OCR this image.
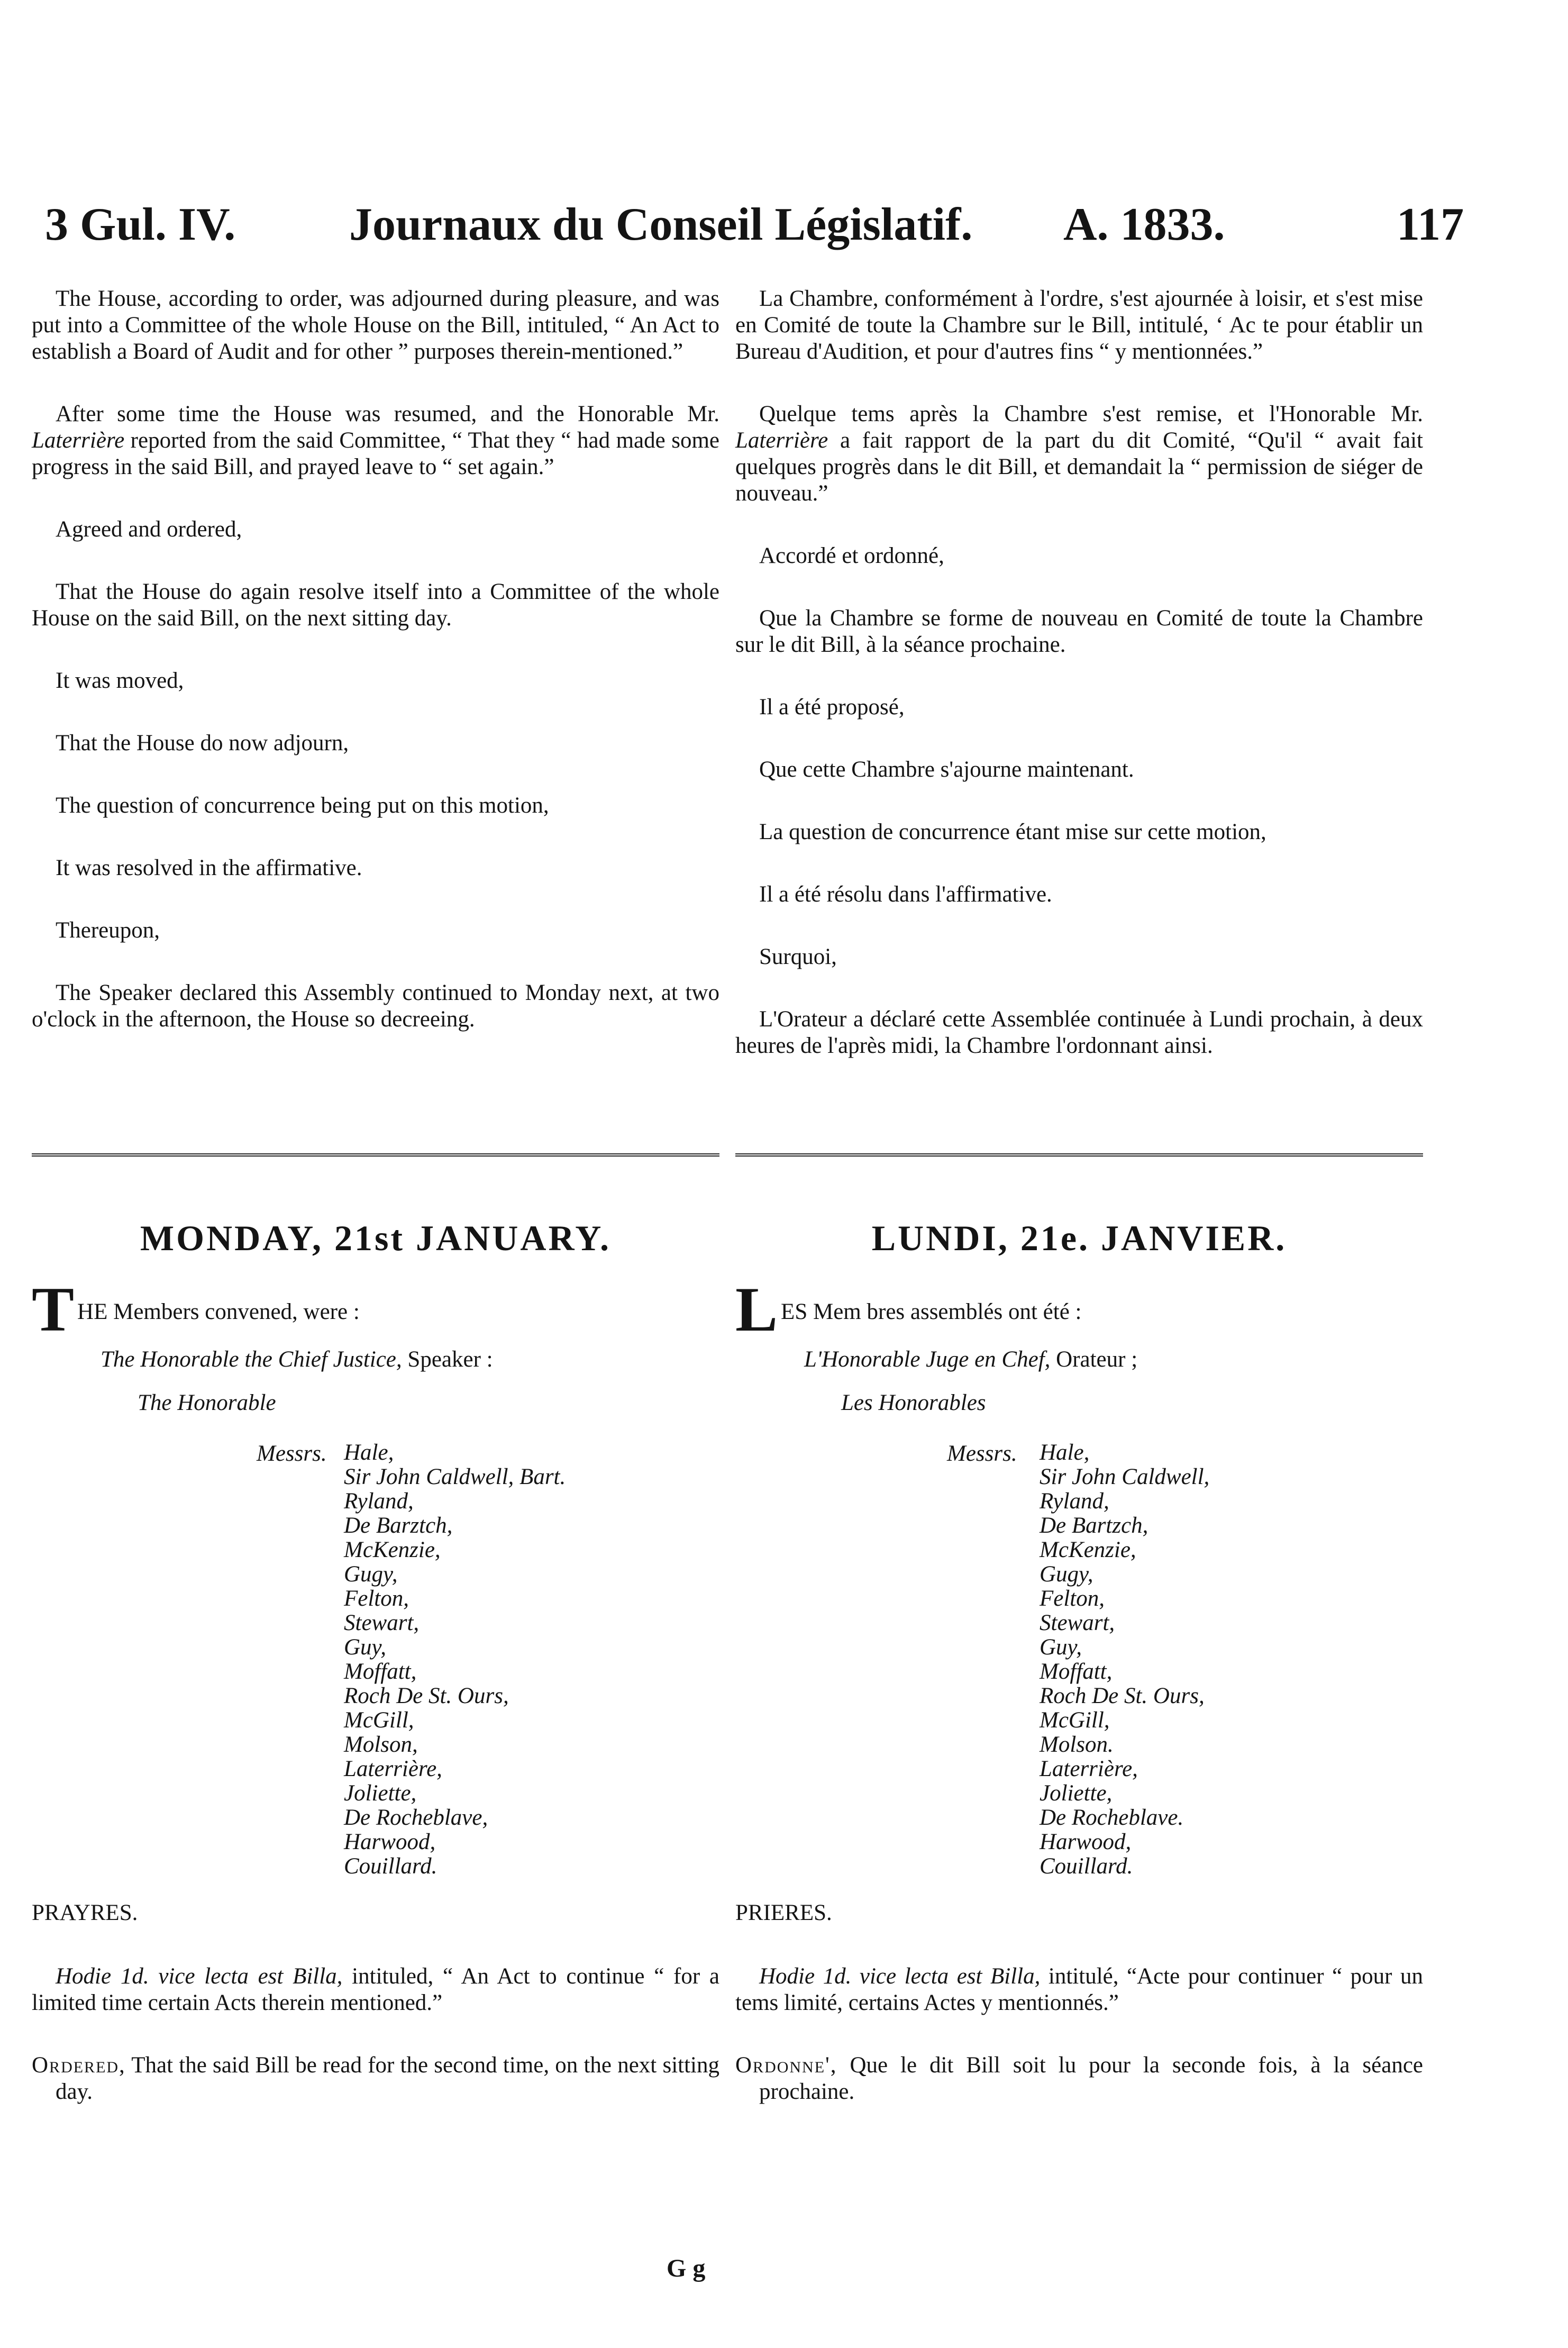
3 Gul. IV. Journaux du Conseil Législatif. A. 1833.	117

The House, according to order, was adjourned during pleasure, and was put into a Committee of the whole House on the Bill, intituled, “ An Act to establish a Board of Audit and for other ” purposes therein-mentioned.”

After some time the House was resumed, and the Honorable Mr. Laterrière reported from the said Committee, “ That they “ had made some progress in the said Bill, and prayed leave to “ set again.”

Agreed and ordered,

That the House do again resolve itself into a Committee of the whole House on the said Bill, on the next sitting day.

It was moved,

That the House do now adjourn,

The question of concurrence being put on this motion,

It was resolved in the affirmative.

Thereupon,

The Speaker declared this Assembly continued to Monday next, at two o'clock in the afternoon, the House so decreeing.

La Chambre, conformément à l'ordre, s'est ajournée à loisir, et s'est mise en Comité de toute la Chambre sur le Bill, intitulé, ‘ Ac te pour établir un Bureau d'Audition, et pour d'autres fins “ y mentionnées.”

Quelque tems après la Chambre s'est remise, et l'Honorable Mr. Laterrière a fait rapport de la part du dit Comité, “Qu'il “ avait fait quelques progrès dans le dit Bill, et demandait la “ permission de siéger de nouveau.”

Accordé et ordonné,

Que la Chambre se forme de nouveau en Comité de toute la Chambre sur le dit Bill, à la séance prochaine.

Il a été proposé,

Que cette Chambre s'ajourne maintenant.

La question de concurrence étant mise sur cette motion,

Il a été résolu dans l'affirmative.

Surquoi,

L'Orateur a déclaré cette Assemblée continuée à Lundi prochain, à deux heures de l'après midi, la Chambre l'ordonnant ainsi.

MONDAY, 21st JANUARY.
THE Members convened, were :
The Honorable the Chief Justice, Speaker :
The Honorable
Messrs. Hale,
Sir John Caldwell, Bart.
Ryland,
De Barztch,
McKenzie,
Gugy,
Felton,
Stewart,
Guy,
Moffatt,
Roch De St. Ours,
McGill,
Molson,
Laterrière,
Joliette,
De Rocheblave,
Harwood,
Couillard.
PRAYRES.

Hodie 1d. vice lecta est Billa, intituled, “ An Act to continue “ for a limited time certain Acts therein mentioned.”

Ordered, That the said Bill be read for the second time, on the next sitting day.

LUNDI, 21e. JANVIER.
LES Mem bres assemblés ont été :
L'Honorable Juge en Chef, Orateur ;
Les Honorables
Messrs. Hale,
Sir John Caldwell,
Ryland,
De Bartzch,
McKenzie,
Gugy,
Felton,
Stewart,
Guy,
Moffatt,
Roch De St. Ours,
McGill,
Molson.
Laterrière,
Joliette,
De Rocheblave.
Harwood,
Couillard.
PRIERES.

Hodie 1d. vice lecta est Billa, intitulé, “Acte pour continuer “ pour un tems limité, certains Actes y mentionnés.”

Ordonne', Que le dit Bill soit lu pour la seconde fois, à la séance prochaine.

G g
